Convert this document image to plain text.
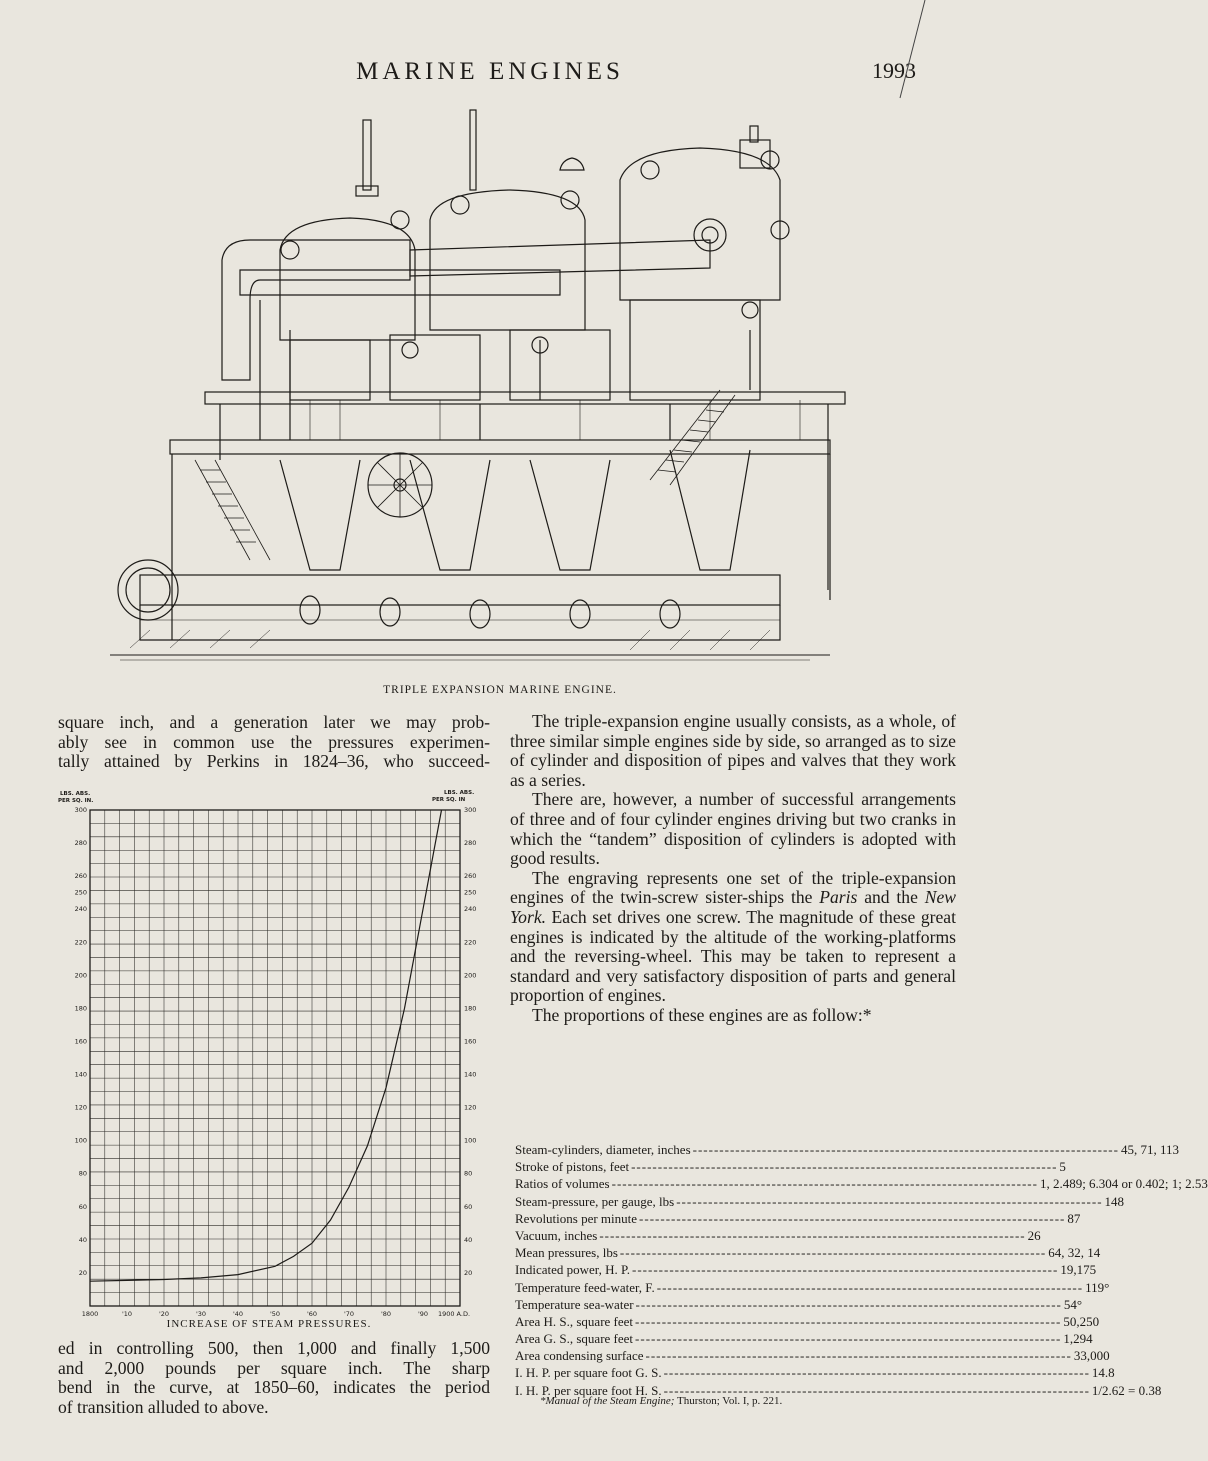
MARINE ENGINES	1993
TRIPLE EXPANSION MARINE ENGINE.

square inch, and a generation later we may prob-

ably see in common use the pressures experimen-

tally attained by Perkins in 1824–36, who succeed-

LBS. ABS.
PER SQ. IN.
LBS. ABS.
PER SQ. IN
20
40
60
80
100
120
140
160
180
200
220
240
250
260
280
300
20
40
60
80
100
120
140
160
180
200
220
240
250
260
280
300
1800	'10	'20	'30	'40	'50	'60	'70	'80	'90 1900 A.D.
INCREASE OF STEAM PRESSURES.

ed in controlling 500, then 1,000 and finally 1,500

and 2,000 pounds per square inch. The sharp

bend in the curve, at 1850–60, indicates the period

of transition alluded to above.

The triple-expansion engine usually consists, as a whole, of three similar simple engines side by side, so arranged as to size of cylinder and disposition of pipes and valves that they work as a series.

There are, however, a number of successful arrangements of three and of four cylinder engines driving but two cranks in which the “tandem” disposition of cylinders is adopted with good results.

The engraving represents one set of the triple-expansion engines of the twin-screw sister-ships the Paris and the New York. Each set drives one screw. The magnitude of these great engines is indicated by the altitude of the working-platforms and the reversing-wheel. This may be taken to represent a standard and very satisfactory disposition of parts and general proportion of engines.

The proportions of these engines are as follow:*

Steam-cylinders, diameter, inches -------------------------------------------------------------------------------- 45, 71, 113
Stroke of pistons, feet -------------------------------------------------------------------------------- 5
Ratios of volumes -------------------------------------------------------------------------------- 1, 2.489; 6.304 or 0.402; 1; 2.53
Steam-pressure, per gauge, lbs -------------------------------------------------------------------------------- 148
Revolutions per minute -------------------------------------------------------------------------------- 87
Vacuum, inches -------------------------------------------------------------------------------- 26
Mean pressures, lbs -------------------------------------------------------------------------------- 64, 32, 14
Indicated power, H. P. -------------------------------------------------------------------------------- 19,175
Temperature feed-water, F. -------------------------------------------------------------------------------- 119°
Temperature sea-water -------------------------------------------------------------------------------- 54°
Area H. S., square feet -------------------------------------------------------------------------------- 50,250
Area G. S., square feet -------------------------------------------------------------------------------- 1,294
Area condensing surface -------------------------------------------------------------------------------- 33,000
I. H. P. per square foot G. S. -------------------------------------------------------------------------------- 14.8
I. H. P. per square foot H. S. -------------------------------------------------------------------------------- 1/2.62 = 0.38
*Manual of the Steam Engine; Thurston; Vol. I, p. 221.
